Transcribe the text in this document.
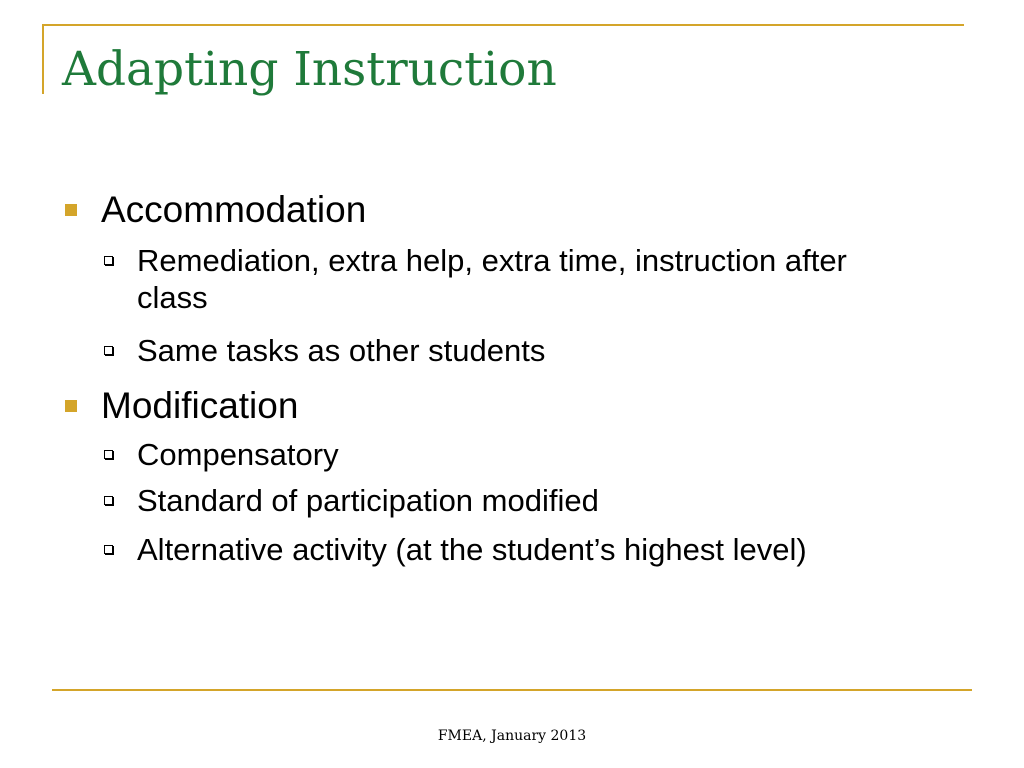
Adapting Instruction
Accommodation
Remediation, extra help, extra time, instruction after class
Same tasks as other students
Modification
Compensatory
Standard of participation modified
Alternative activity (at the student’s highest level)
FMEA, January 2013
